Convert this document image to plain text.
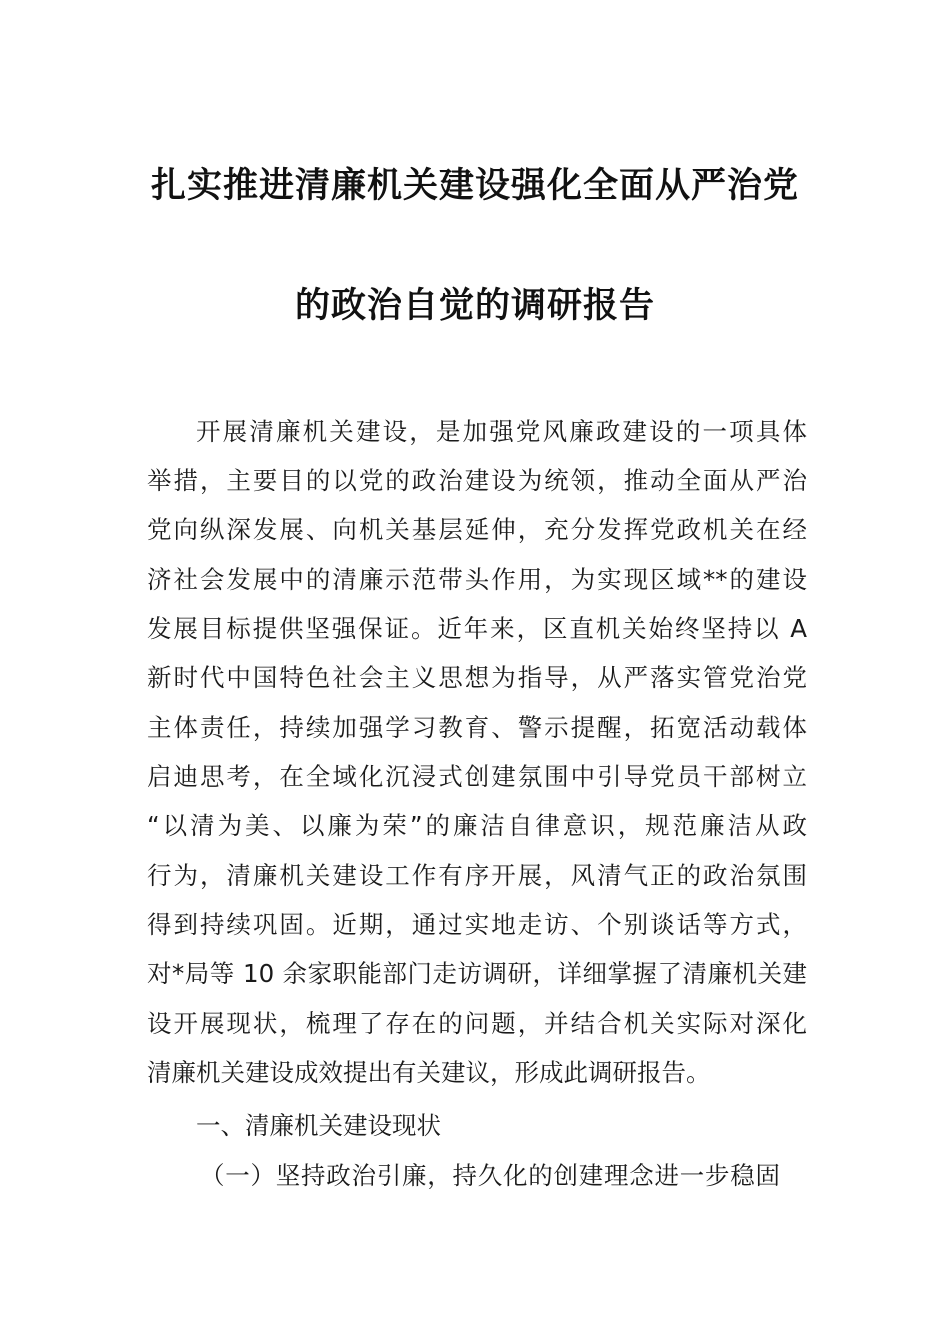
扎实推进清廉机关建设强化全面从严治党
的政治自觉的调研报告
开展清廉机关建设，是加强党风廉政建设的一项具体
举措，主要目的以党的政治建设为统领，推动全面从严治
党向纵深发展、向机关基层延伸，充分发挥党政机关在经
济社会发展中的清廉示范带头作用，为实现区域**的建设
发展目标提供坚强保证。近年来，区直机关始终坚持以 A
新时代中国特色社会主义思想为指导，从严落实管党治党
主体责任，持续加强学习教育、警示提醒，拓宽活动载体
启迪思考，在全域化沉浸式创建氛围中引导党员干部树立
“以清为美、以廉为荣”的廉洁自律意识，规范廉洁从政
行为，清廉机关建设工作有序开展，风清气正的政治氛围
得到持续巩固。近期，通过实地走访、个别谈话等方式，
对*局等 10 余家职能部门走访调研，详细掌握了清廉机关建
设开展现状，梳理了存在的问题，并结合机关实际对深化
清廉机关建设成效提出有关建议，形成此调研报告。
一、清廉机关建设现状
（一）坚持政治引廉，持久化的创建理念进一步稳固
